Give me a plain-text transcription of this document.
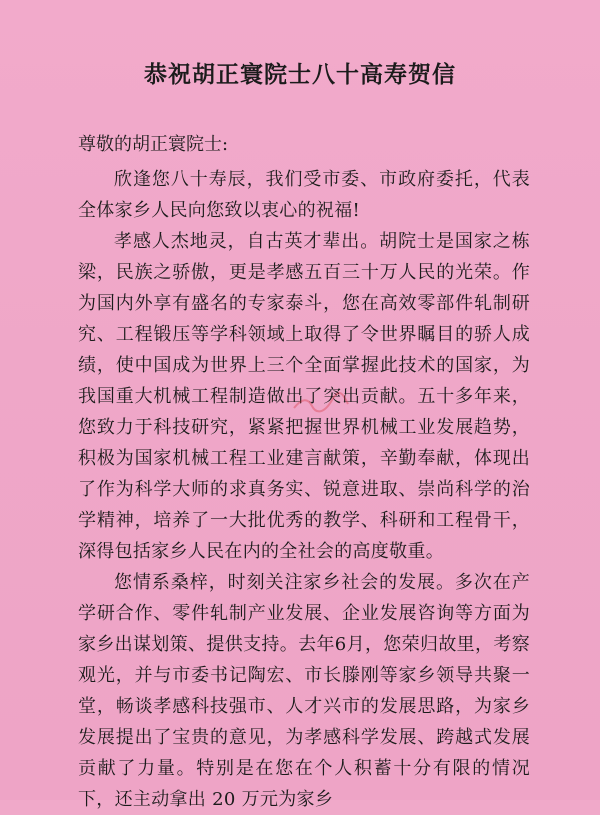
恭祝胡正寰院士八十高寿贺信

尊敬的胡正寰院士:

欣逢您八十寿辰，我们受市委、市政府委托，代表全体家乡人民向您致以衷心的祝福!

孝感人杰地灵，自古英才辈出。胡院士是国家之栋梁，民族之骄傲，更是孝感五百三十万人民的光荣。作为国内外享有盛名的专家泰斗，您在高效零部件轧制研究、工程锻压等学科领域上取得了令世界瞩目的骄人成绩，使中国成为世界上三个全面掌握此技术的国家，为我国重大机械工程制造做出了突出贡献。五十多年来，您致力于科技研究，紧紧把握世界机械工业发展趋势，积极为国家机械工程工业建言献策，辛勤奉献，体现出了作为科学大师的求真务实、锐意进取、崇尚科学的治学精神，培养了一大批优秀的教学、科研和工程骨干，深得包括家乡人民在内的全社会的高度敬重。

您情系桑梓，时刻关注家乡社会的发展。多次在产学研合作、零件轧制产业发展、企业发展咨询等方面为家乡出谋划策、提供支持。去年6月，您荣归故里，考察观光，并与市委书记陶宏、市长滕刚等家乡领导共聚一堂，畅谈孝感科技强市、人才兴市的发展思路，为家乡发展提出了宝贵的意见，为孝感科学发展、跨越式发展贡献了力量。特别是在您在个人积蓄十分有限的情况下，还主动拿出 20 万元为家乡
